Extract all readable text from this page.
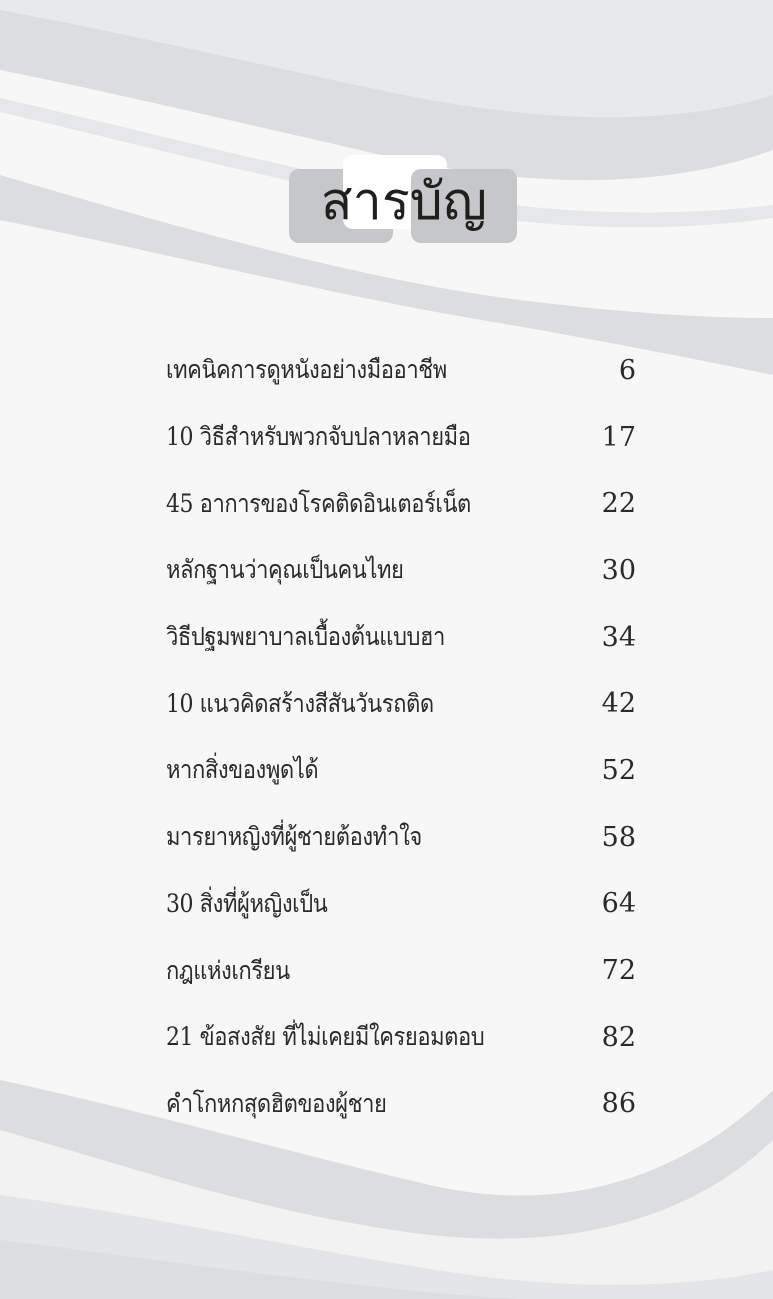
สารบัญ
เทคนิคการดูหนังอย่างมืออาชีพ	6
10 วิธีสำหรับพวกจับปลาหลายมือ	17
45 อาการของโรคติดอินเตอร์เน็ต	22
หลักฐานว่าคุณเป็นคนไทย	30
วิธีปฐมพยาบาลเบื้องต้นแบบฮา	34
10 แนวคิดสร้างสีสันวันรถติด	42
หากสิ่งของพูดได้	52
มารยาหญิงที่ผู้ชายต้องทำใจ	58
30 สิ่งที่ผู้หญิงเป็น	64
กฎแห่งเกรียน	72
21 ข้อสงสัย ที่ไม่เคยมีใครยอมตอบ	82
คำโกหกสุดฮิตของผู้ชาย	86
